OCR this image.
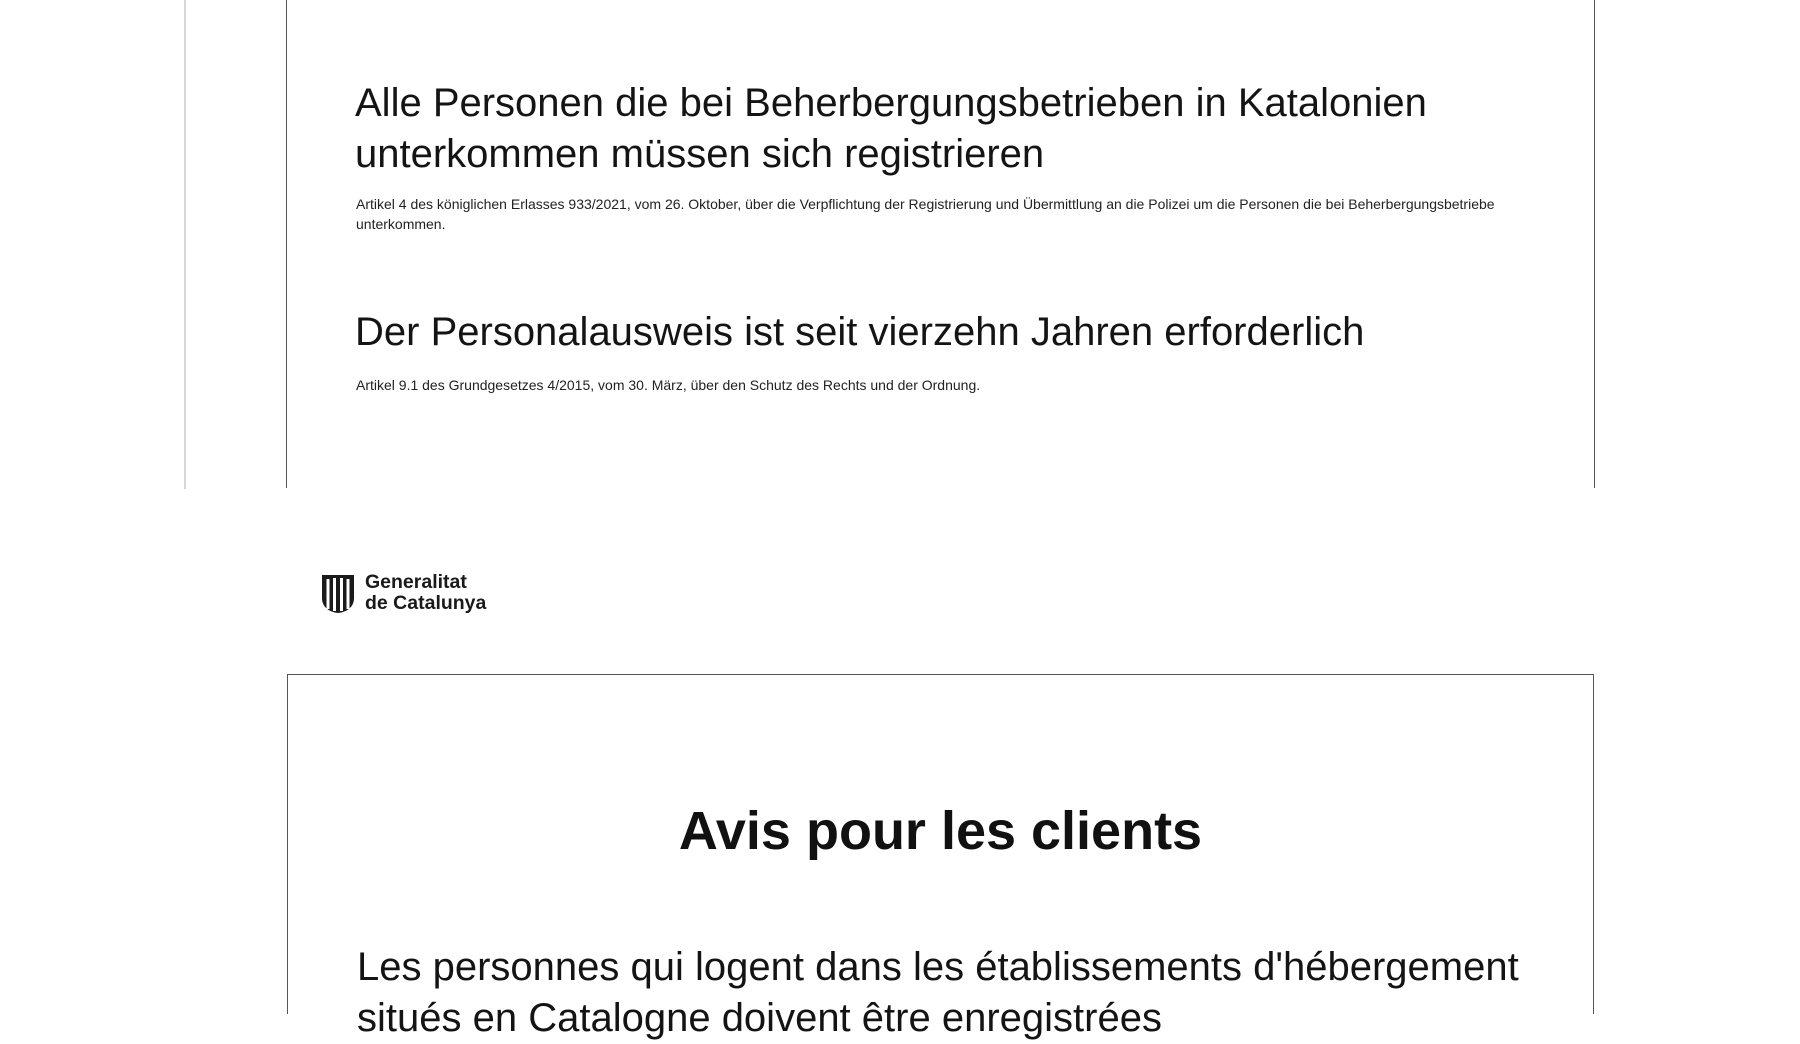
Alle Personen die bei Beherbergungsbetrieben in Katalonien unterkommen müssen sich registrieren

Artikel 4 des königlichen Erlasses 933/2021, vom 26. Oktober, über die Verpflichtung der Registrierung und Übermittlung an die Polizei um die Personen die bei Beherbergungsbetriebe unterkommen.

Der Personalausweis ist seit vierzehn Jahren erforderlich

Artikel 9.1 des Grundgesetzes 4/2015, vom 30. März, über den Schutz des Rechts und der Ordnung.

Generalitat
de Catalunya
Avis pour les clients

Les personnes qui logent dans les établissements d'hébergement situés en Catalogne doivent être enregistrées
